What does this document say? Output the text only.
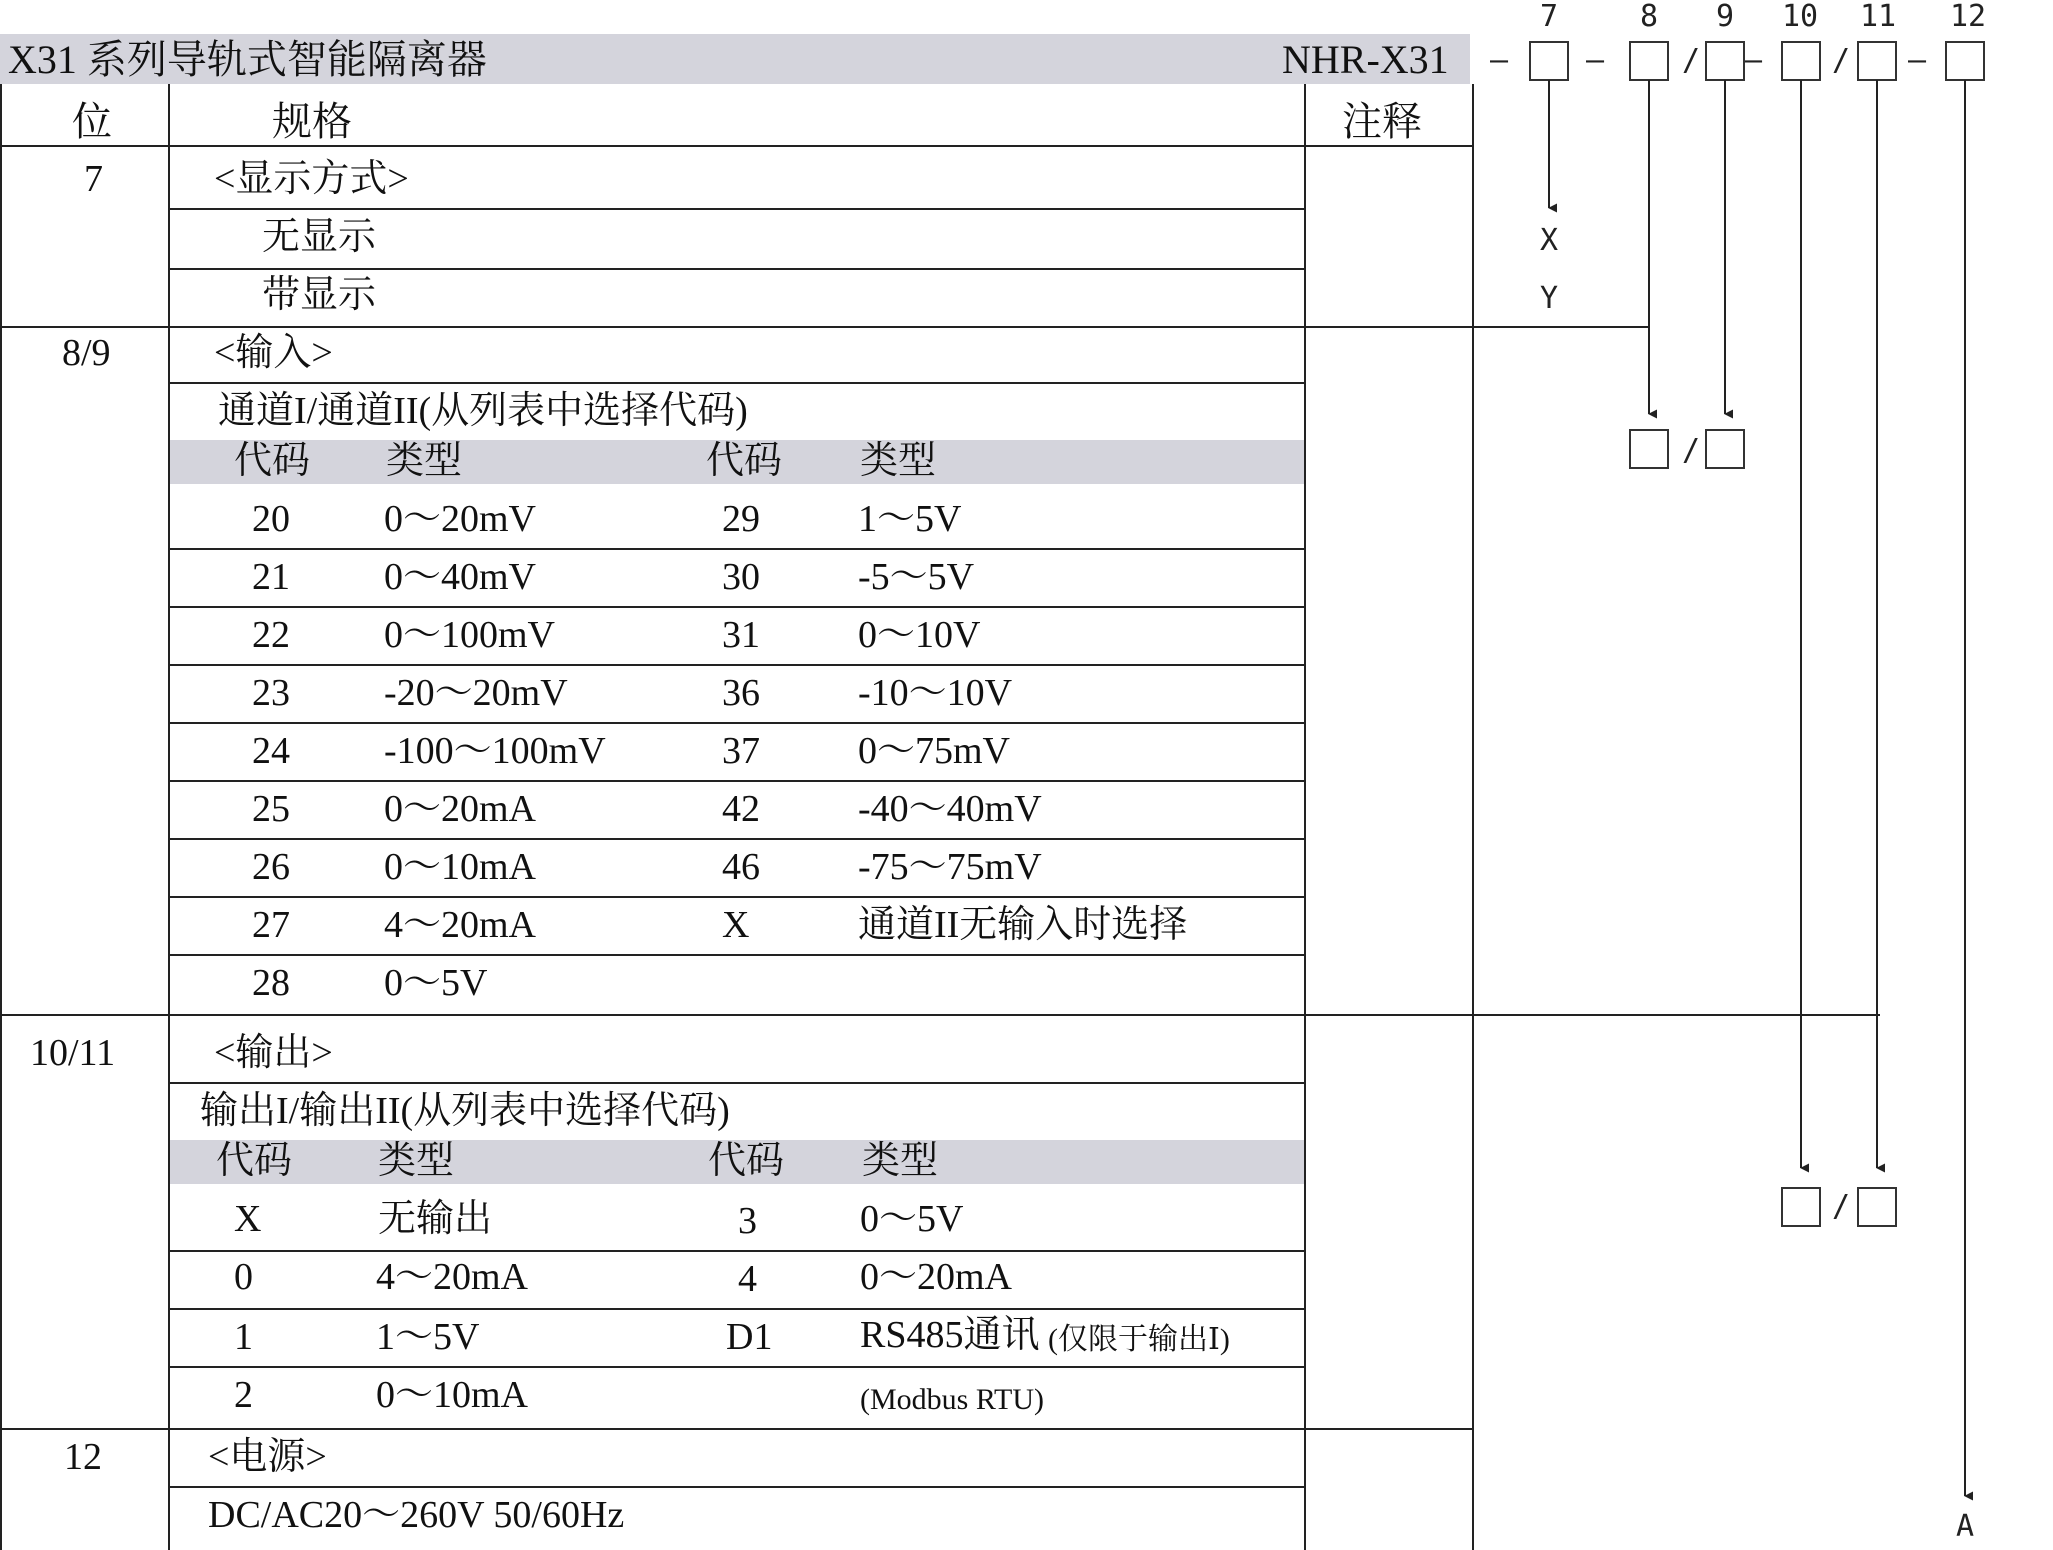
X31 系列导轨式智能隔离器	NHR-X31
位	规格	注释
7	<显示方式>
无显示
带显示
8/9	<输入>
通道I/通道II(从列表中选择代码)
代码 类型	代码 类型
20 0～20mV	29	1～5V
21 0～40mV	30	-5～5V
22 0～100mV	31	0～10V
23 -20～20mV	36	-10～10V
24 -100～100mV	37	0～75mV
25 0～20mA	42	-40～40mV
26 0～10mA	46	-75～75mV
27 4～20mA	X	通道II无输入时选择
28 0～5V
10/11	<输出>
输出I/输出II(从列表中选择代码)
代码 类型	代码 类型
X	无输出	3	0～5V
0	4～20mA	4	0～20mA
1	1～5V	D1 RS485通讯 (仅限于输出Ⅰ)
2	0～10mA	(Modbus RTU)
12	<电源>
DC/AC20～260V 50/60Hz
7	8 9 10 11 12
–	–	/ – / –
X
Y
/
/
A
